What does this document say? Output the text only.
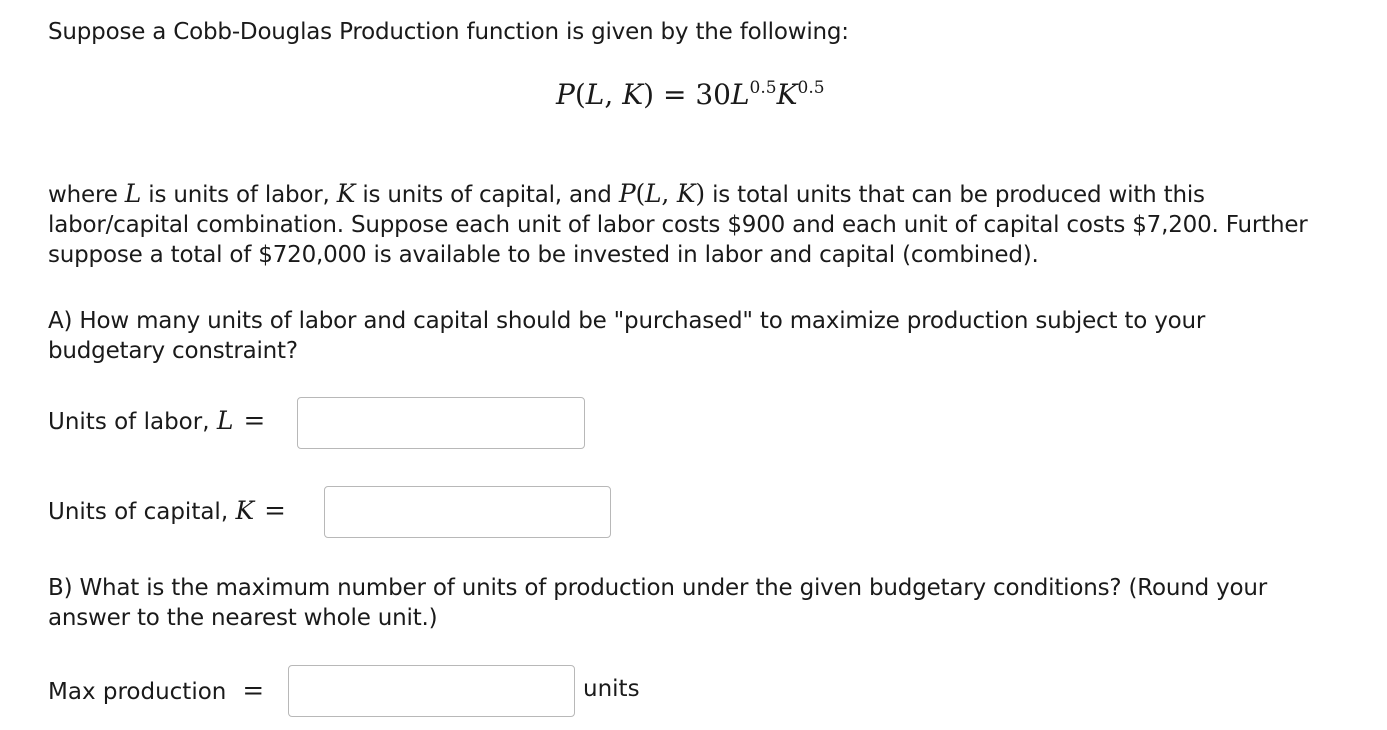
Suppose a Cobb-Douglas Production function is given by the following:
P(L, $K) = 30L^{0.5}K^{0.5}$
where L is units of labor, K is units of capital, and P(L, K) is total units that can be produced with this labor/capital combination. Suppose each unit of labor costs $900 and each unit of capital costs $7,200. Further suppose a total of $720,000 is available to be invested in labor and capital (combined).
A) How many units of labor and capital should be "purchased" to maximize production subject to your budgetary constraint?
Units of labor, L =
Units of capital, K =
B) What is the maximum number of units of production under the given budgetary conditions? (Round your answer to the nearest whole unit.)
Max production =	units
